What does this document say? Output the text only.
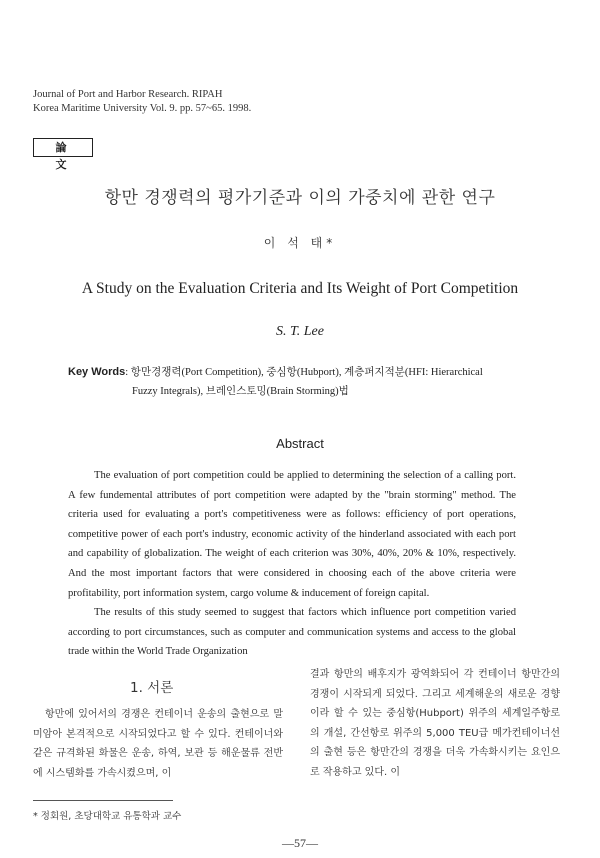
Journal of Port and Harbor Research. RIPAH
Korea Maritime University Vol. 9. pp. 57~65. 1998.
論 文
항만 경쟁력의 평가기준과 이의 가중치에 관한 연구
이 석 태*
A Study on the Evaluation Criteria and Its Weight of Port Competition
S. T. Lee
Key Words: 항만경쟁력(Port Competition), 중심항(Hubport), 계층퍼지적분(HFI: Hierarchical
Fuzzy Integrals), 브레인스토밍(Brain Storming)법
Abstract

The evaluation of port competition could be applied to determining the selection of a calling port. A few fundemental attributes of port competition were adapted by the "brain storming" method. The criteria used for evaluating a port's competitiveness were as follows: efficiency of port operations, competitive power of each port's industry, economic activity of the hinderland associated with each port and capability of globalization. The weight of each criterion was 30%, 40%, 20% & 10%, respectively. And the most important factors that were considered in choosing each of the above criteria were profitability, port information system, cargo volume & inducement of foreign capital.

The results of this study seemed to suggest that factors which influence port competition varied according to port circumstances, such as computer and communication systems and access to the global trade within the World Trade Organization

1. 서론

항만에 있어서의 경쟁은 컨테이너 운송의 출현으로 말미암아 본격적으로 시작되었다고 할 수 있다. 컨테이너와 같은 규격화된 화물은 운송, 하역, 보관 등 해운물류 전반에 시스템화를 가속시켰으며, 이

결과 항만의 배후지가 광역화되어 각 컨테이너 항만간의 경쟁이 시작되게 되었다. 그리고 세계해운의 새로운 경향이라 할 수 있는 중심항(Hubport) 위주의 세계일주항로의 개설, 간선항로 위주의 5,000 TEU급 메가컨테이너선의 출현 등은 항만간의 경쟁을 더욱 가속화시키는 요인으로 작용하고 있다. 이

* 정회원, 초당대학교 유통학과 교수
—57—
